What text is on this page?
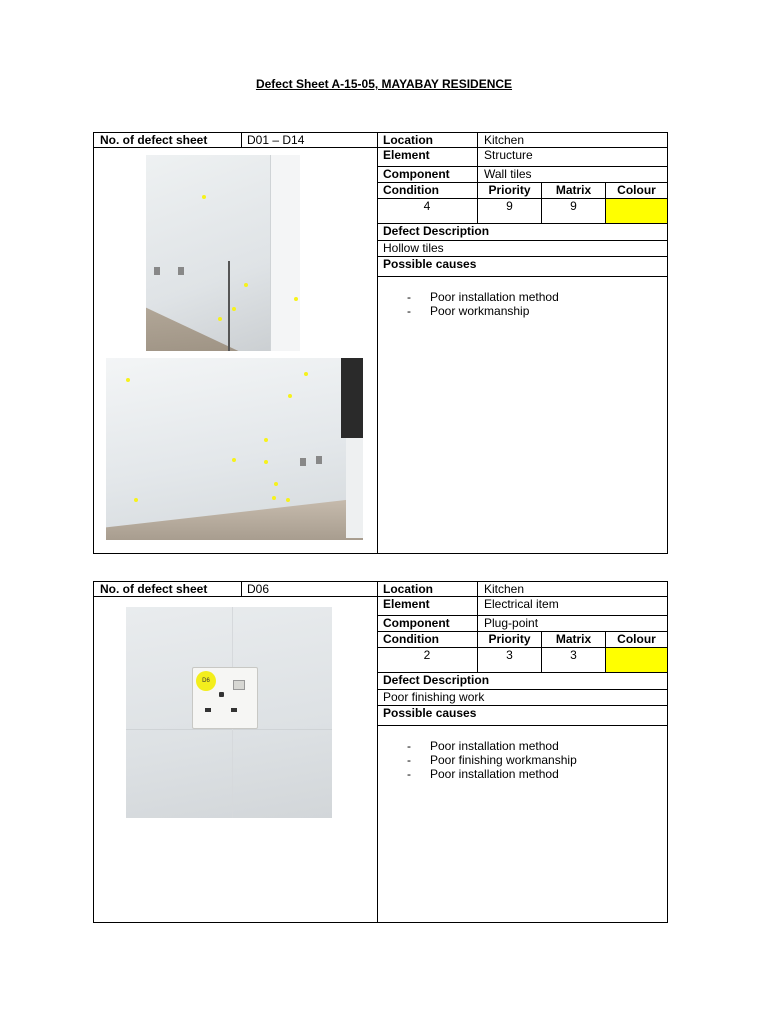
Defect Sheet A-15-05, MAYABAY RESIDENCE
No. of defect sheet	D01 – D14	Location	Kitchen
Element	Structure
Component	Wall tiles
Condition	Priority	Matrix	Colour
4	9	9
Defect Description
Hollow tiles
Possible causes
- Poor installation method
- Poor workmanship
No. of defect sheet	D06
D6
Location	Kitchen
Element	Electrical item
Component	Plug-point
Condition	Priority	Matrix	Colour
2	3	3
Defect Description
Poor finishing work
Possible causes
- Poor installation method
- Poor finishing workmanship
- Poor installation method
